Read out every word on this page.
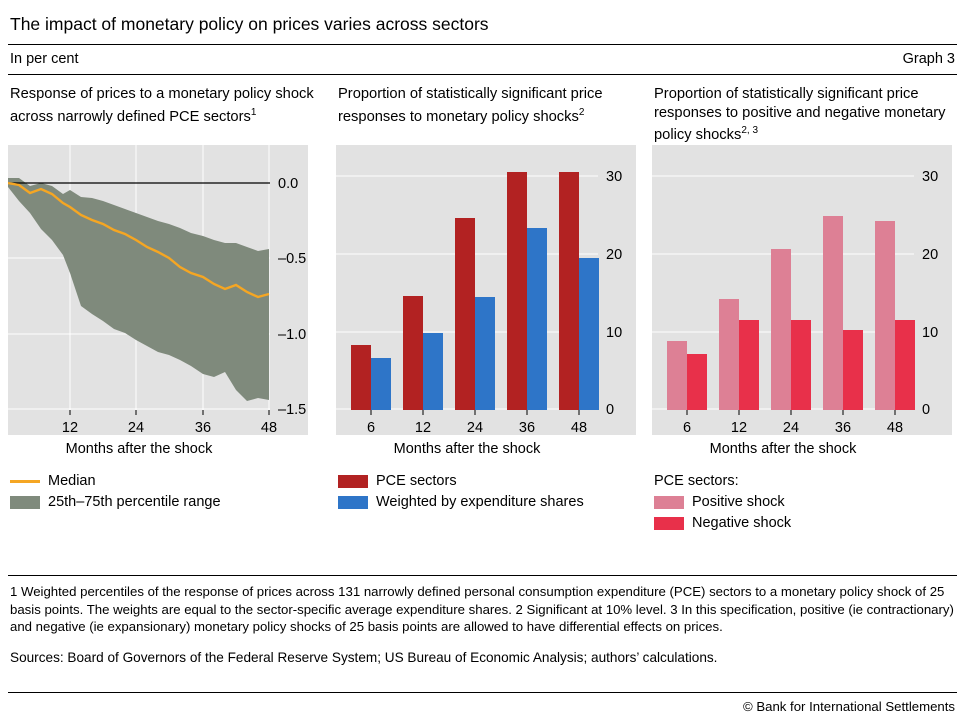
The impact of monetary policy on prices varies across sectors
In per cent	Graph 3
Response of prices to a monetary policy shock across narrowly defined PCE sectors$^1$
12	24	36	48
0.0
–0.5
–1.0
–1.5
Months after the shock
Median
25th–75th percentile range
Proportion of statistically significant price responses to monetary policy shocks$^2$
6	12 24 36 48
30
20
10
0
Months after the shock
PCE sectors
Weighted by expenditure shares
Proportion of statistically significant price responses to positive and negative monetary policy shocks$^{2, 3}$
6	12 24 36 48
30
20
10
0
Months after the shock
PCE sectors:
Positive shock
Negative shock
1 Weighted percentiles of the response of prices across 131 narrowly defined personal consumption expenditure (PCE) sectors to a monetary policy shock of 25 basis points. The weights are equal to the sector-specific average expenditure shares. 2 Significant at 10% level. 3 In this specification, positive (ie contractionary) and negative (ie expansionary) monetary policy shocks of 25 basis points are allowed to have differential effects on prices.
Sources: Board of Governors of the Federal Reserve System; US Bureau of Economic Analysis; authors’ calculations.
© Bank for International Settlements
